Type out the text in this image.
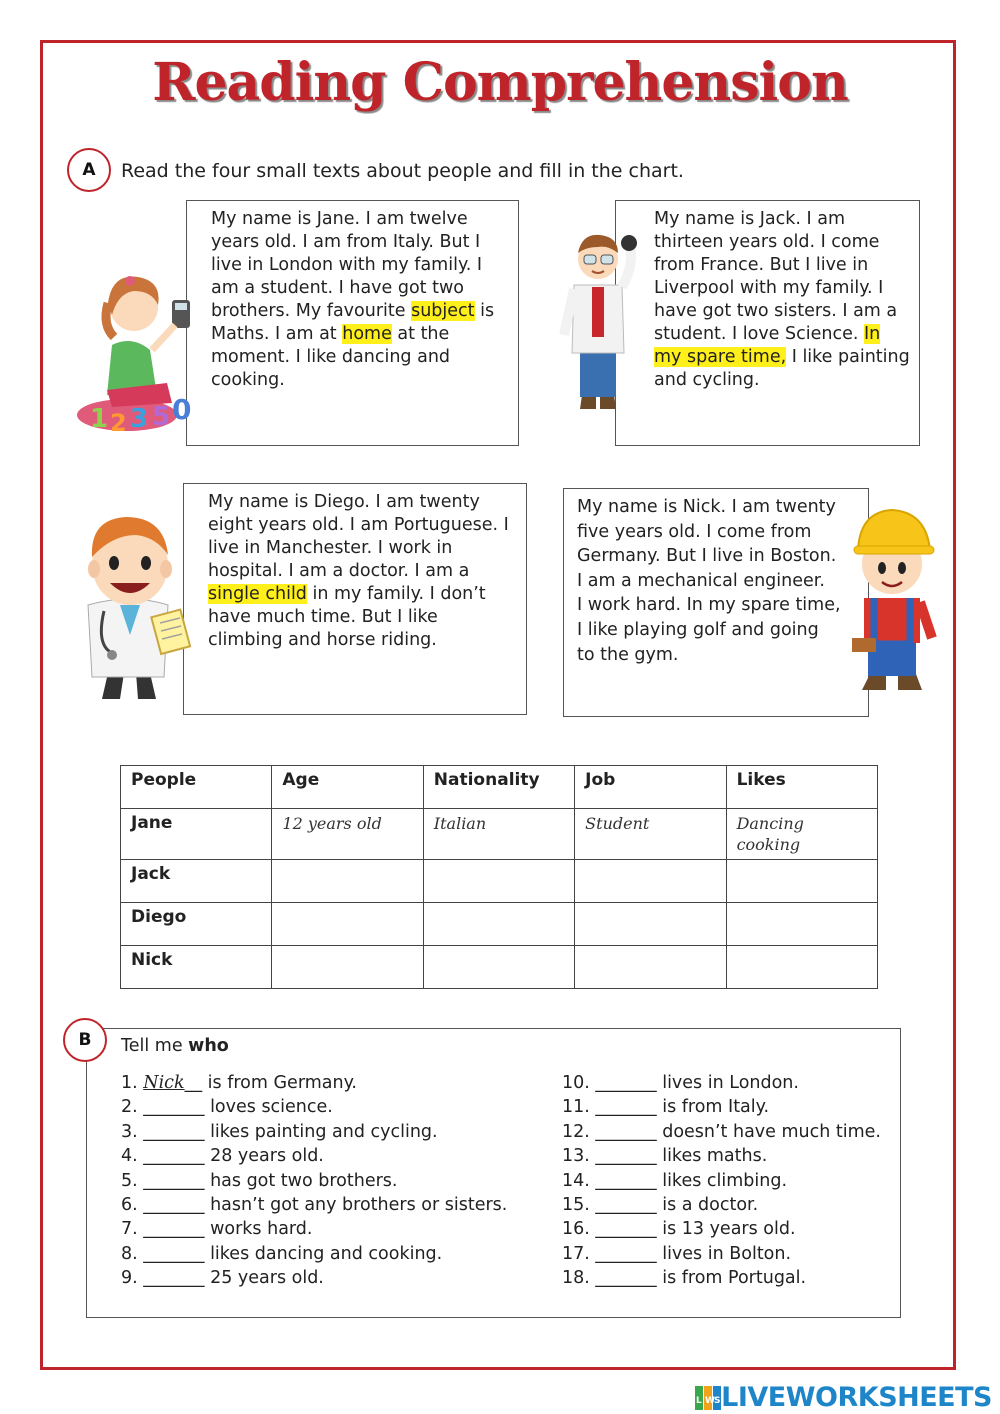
Reading Comprehension
A	Read the four small texts about people and fill in the chart.

My name is Jane. I am twelve

years old. I am from Italy. But I

live in London with my family. I

am a student. I have got two

brothers. My favourite subject is

Maths. I am at home at the

moment. I like dancing and

cooking.

1 2 3 5 0

My name is Jack. I am

thirteen years old. I come

from France. But I live in

Liverpool with my family. I

have got two sisters. I am a

student. I love Science. In

my spare time, I like painting

and cycling.

My name is Diego. I am twenty

eight years old. I am Portuguese. I

live in Manchester. I work in

hospital. I am a doctor. I am a

single child in my family. I don’t

have much time. But I like

climbing and horse riding.

My name is Nick. I am twenty

five years old. I come from

Germany. But I live in Boston.

I am a mechanical engineer.

I work hard. In my spare time,

I like playing golf and going

to the gym.

People	Age	Nationality	Job	Likes
Jane	12 years old	Italian	Student	Dancing
cooking

Jack				

Diego				

Nick				
B	Tell me who
1. Nick__ is from Germany.
2. _______ loves science.
3. _______ likes painting and cycling.
4. _______ 28 years old.
5. _______ has got two brothers.
6. _______ hasn’t got any brothers or sisters.
7. _______ works hard.
8. _______ likes dancing and cooking.
9. _______ 25 years old.
10. _______ lives in London.
11. _______ is from Italy.
12. _______ doesn’t have much time.
13. _______ likes maths.
14. _______ likes climbing.
15. _______ is a doctor.
16. _______ is 13 years old.
17. _______ lives in Bolton.
18. _______ is from Portugal.
L W S LIVEWORKSHEETS
